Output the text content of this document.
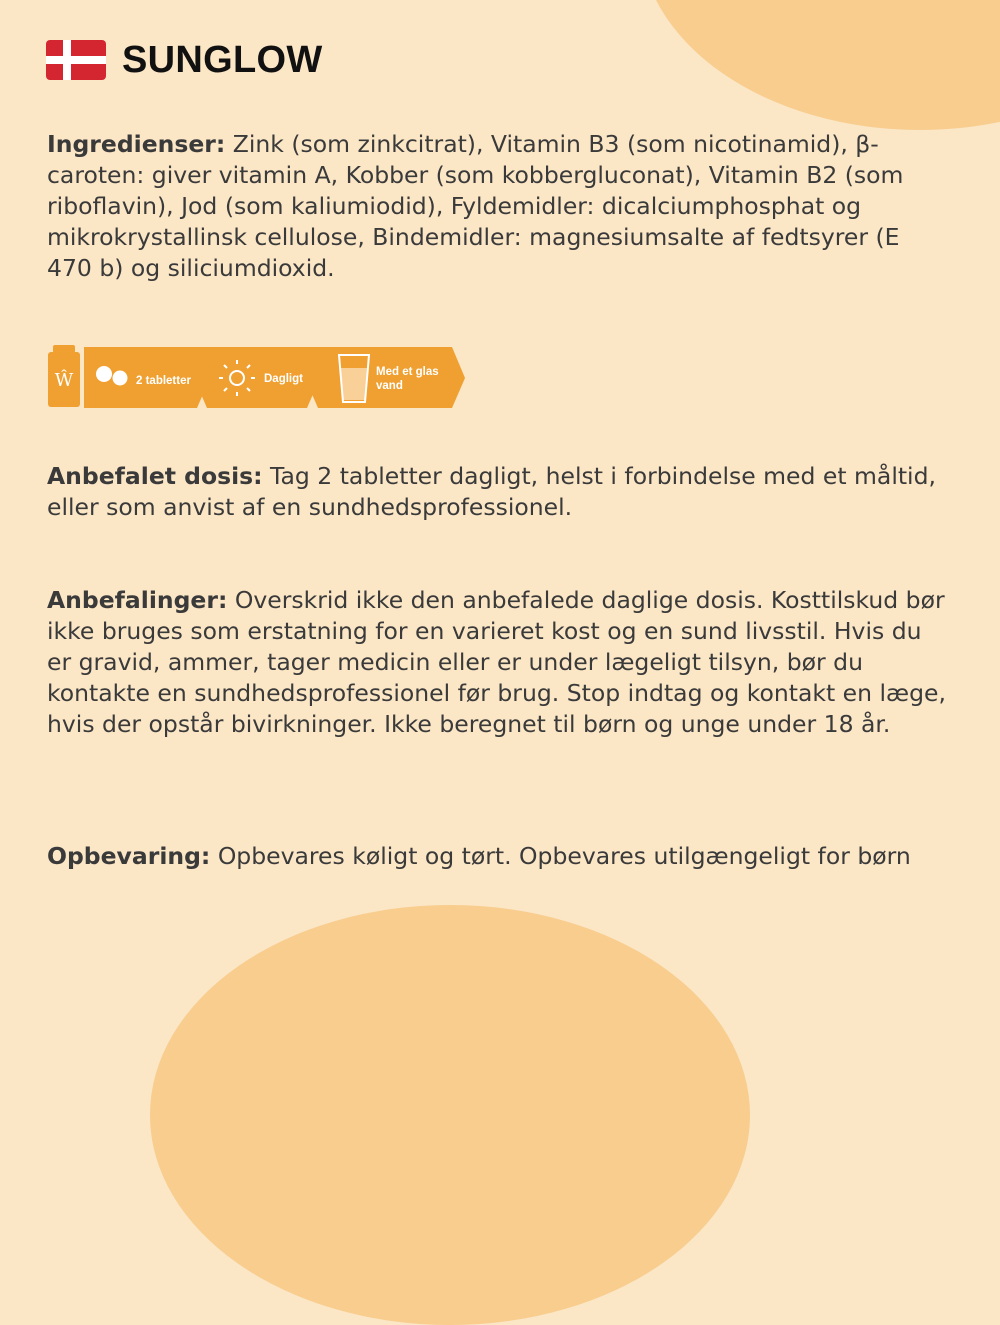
SUNGLOW

Ingredienser: Zink (som zinkcitrat), Vitamin B3 (som nicotinamid), β-caroten: giver vitamin A, Kobber (som kobbergluconat), Vitamin B2 (som riboflavin), Jod (som kaliumiodid), Fyldemidler: dicalciumphosphat og mikrokrystallinsk cellulose, Bindemidler: magnesiumsalte af fedtsyrer (E 470 b) og siliciumdioxid.

Ŵ	2 tabletter	Dagligt
Med et glas
vand

Anbefalet dosis: Tag 2 tabletter dagligt, helst i forbindelse med et måltid, eller som anvist af en sundhedsprofessionel.

Anbefalinger: Overskrid ikke den anbefalede daglige dosis. Kosttilskud bør ikke bruges som erstatning for en varieret kost og en sund livsstil. Hvis du er gravid, ammer, tager medicin eller er under lægeligt tilsyn, bør du kontakte en sundhedsprofessionel før brug. Stop indtag og kontakt en læge, hvis der opstår bivirkninger. Ikke beregnet til børn og unge under 18 år.

Opbevaring: Opbevares køligt og tørt. Opbevares utilgængeligt for børn
